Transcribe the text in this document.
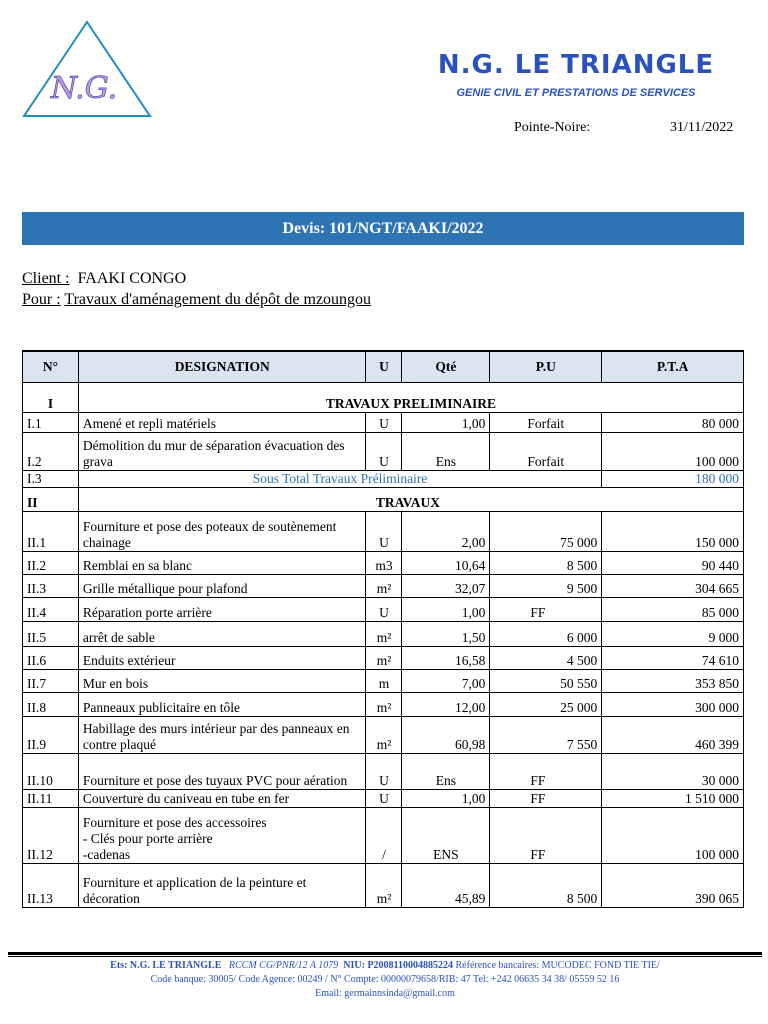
N.G.
N.G. LE TRIANGLE
GENIE CIVIL ET PRESTATIONS DE SERVICES
Pointe-Noire:	31/11/2022
Devis: 101/NGT/FAAKI/2022
Client : FAAKI CONGO
Pour : Travaux d'aménagement du dépôt de mzoungou
N°	DESIGNATION	U	Qté	P.U	P.T.A
I	TRAVAUX PRELIMINAIRE				
I.1	Amené et repli matériels	U	1,00	Forfait	80 000
I.2	Démolition du mur de séparation évacuation des grava	U	Ens	Forfait	100 000
I.3	Sous Total Travaux Préliminaire				180 000
II	TRAVAUX				
II.1	Fourniture et pose des poteaux de soutènement chainage	U	2,00	75 000	150 000
II.2	Remblai en sa blanc	m3	10,64	8 500	90 440
II.3	Grille métallique pour plafond	m²	32,07	9 500	304 665
II.4	Réparation porte arrière	U	1,00	FF	85 000
II.5	arrêt de sable	m²	1,50	6 000	9 000
II.6	Enduits extérieur	m²	16,58	4 500	74 610
II.7	Mur en bois	m	7,00	50 550	353 850
II.8	Panneaux publicitaire en tôle	m²	12,00	25 000	300 000
II.9	Habillage des murs intérieur par des panneaux en contre plaqué	m²	60,98	7 550	460 399
II.10	Fourniture et pose des tuyaux PVC pour aération	U	Ens	FF	30 000
II.11	Couverture du caniveau en tube en fer	U	1,00	FF	1 510 000
II.12	Fourniture et pose des accessoires
- Clés pour porte arrière
-cadenas	/	ENS	FF	100 000
II.13	Fourniture et application de la peinture et décoration	m²	45,89	8 500	390 065
Ets: N.G. LE TRIANGLE RCCM CG/PNR/12 A 1079 NIU: P2008110004885224 Référence bancaires: MUCODEC FOND TIE TIE/
Code banque: 30005/ Code Agence: 00249 / N° Compte: 00000079658/RIB: 47 Tel: +242 06635 34 38/ 05559 52 16
Email: germainnsinda@gmail.com
